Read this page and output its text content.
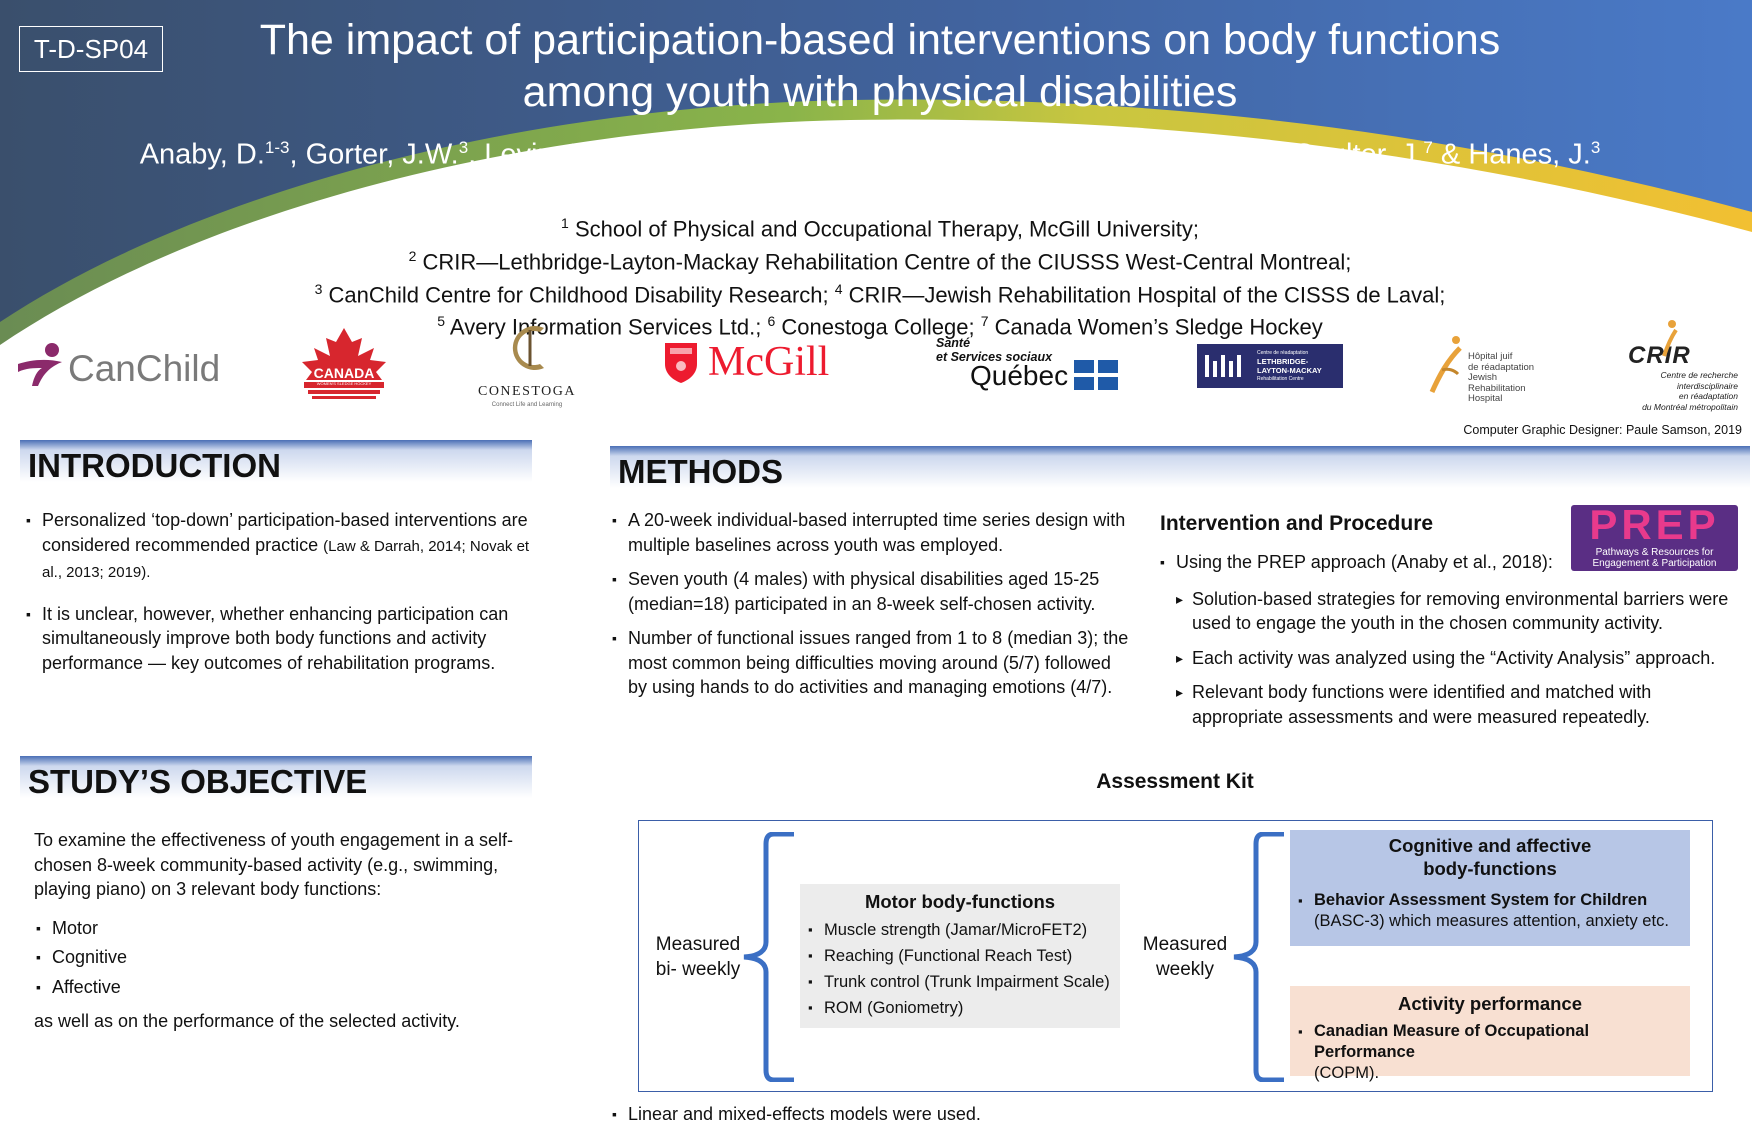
T-D-SP04	The impact of participation-based interventions on body functions
among youth with physical disabilities
Anaby, D.$^{1-3}$, Gorter, J.W.$^3$, Levin, M.F.$^{1,4}$, Avery, L.$^5$, Teplicky, R.$^3$, Cormier, I.$^2$, Turner, L.$^{3,6}$, Coulter, J.$^7$ & Hanes, J.$^3$
$^1$ School of Physical and Occupational Therapy, McGill University;
$^2$ CRIR—Lethbridge-Layton-Mackay Rehabilitation Centre of the CIUSSS West-Central Montreal;
$^3$ CanChild Centre for Childhood Disability Research; $^4$ CRIR—Jewish Rehabilitation Hospital of the CISSS de Laval;
$^5$ Avery Information Services Ltd.; $^6$ Conestoga College; $^7$ Canada Women’s Sledge Hockey
CanChild	CANADA
WOMEN'S SLEDGE HOCKEY
CONESTOGA
Connect Life and Learning
McGill	Santé
et Services sociaux
Québec
Centre de réadaptation
LETHBRIDGE-
LAYTON-MACKAY
Rehabilitation Centre
Hôpital juif
de réadaptation
Jewish
Rehabilitation
Hospital
CRIR
Centre de recherche
interdisciplinaire
en réadaptation
du Montréal métropolitain
Computer Graphic Designer: Paule Samson, 2019
INTRODUCTION
▪ Personalized ‘top-down’ participation-based interventions are considered recommended practice (Law & Darrah, 2014; Novak et al., 2013; 2019).
▪ It is unclear, however, whether enhancing participation can simultaneously improve both body functions and activity performance — key outcomes of rehabilitation programs.
STUDY’S OBJECTIVE
To examine the effectiveness of youth engagement in a self-chosen 8-week community-based activity (e.g., swimming, playing piano) on 3 relevant body functions:
▪ Motor
▪ Cognitive
▪ Affective
as well as on the performance of the selected activity.
METHODS
▪ A 20-week individual-based interrupted time series design with multiple baselines across youth was employed.
▪ Seven youth (4 males) with physical disabilities aged 15-25 (median=18) participated in an 8-week self-chosen activity.
▪ Number of functional issues ranged from 1 to 8 (median 3); the most common being difficulties moving around (5/7) followed by using hands to do activities and managing emotions (4/7).
Intervention and Procedure	PREP
Pathways & Resources for
Engagement & Participation
▪ Using the PREP approach (Anaby et al., 2018):
▸ Solution-based strategies for removing environmental barriers were used to engage the youth in the chosen community activity.
▸ Each activity was analyzed using the “Activity Analysis” approach.
▸ Relevant body functions were identified and matched with appropriate assessments and were measured repeatedly.
Assessment Kit
Measured
bi- weekly
Motor body-functions
▪ Muscle strength (Jamar/MicroFET2)
▪ Reaching (Functional Reach Test)
▪ Trunk control (Trunk Impairment Scale)
▪ ROM (Goniometry)
Measured
weekly
Cognitive and affective
body-functions
▪ Behavior Assessment System for Children
(BASC-3) which measures attention, anxiety etc.
Activity performance
▪ Canadian Measure of Occupational Performance
(COPM).
▪ Linear and mixed-effects models were used.
